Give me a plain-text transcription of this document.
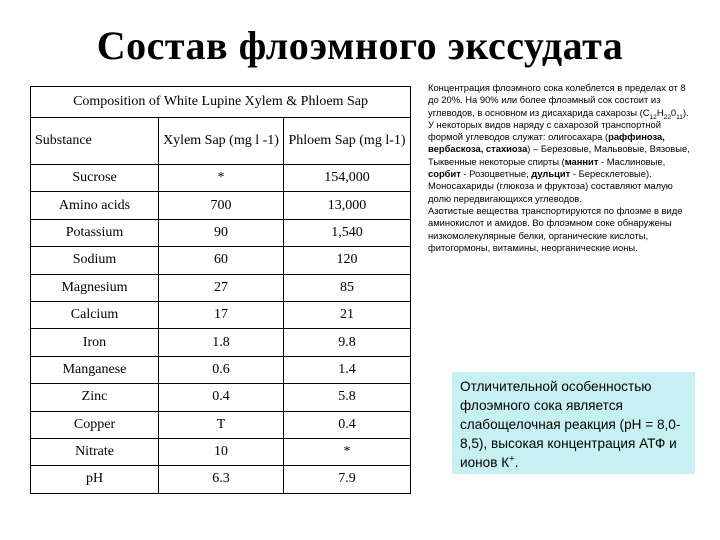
Состав флоэмного экссудата
Composition of White Lupine Xylem & Phloem Sap		
Substance	Xylem Sap (mg l -1)	Phloem Sap (mg l-1)
Sucrose	*	154,000
Amino acids	700	13,000
Potassium	90	1,540
Sodium	60	120
Magnesium	27	85
Calcium	17	21
Iron	1.8	9.8
Manganese	0.6	1.4
Zinc	0.4	5.8
Copper	T	0.4
Nitrate	10	*
pH	6.3	7.9

Концентрация флоэмного сока колеблется в пределах от 8 до 20%. На 90% или более флоэмный сок состоит из углеводов, в основном из дисахарида сахарозы $(С_{12}Н_{22}0_{11})$.

У некоторых видов наряду с сахарозой транспортной формой углеводов служат: олигосахара (раффиноза, вербаскоза, стахиоза) – Березовые, Мальвовые, Вязовые, Тыквенные некоторые спирты (маннит - Маслиновые, сорбит - Розоцветные, дульцит - Бересклетовые). Моносахариды (глюкоза и фруктоза) составляют малую долю передвигающихся углеводов.

Азотистые вещества транспортируются по флоэме в виде аминокислот и амидов. Во флоэмном соке обнаружены низкомолекулярные белки, органические кислоты, фитогормоны, витамины, неорганические ионы.

Отличительной особенностью флоэмного сока является слабощелочная реакция (рН = 8,0-8,5), высокая концентрация АТФ и ионов К+.
